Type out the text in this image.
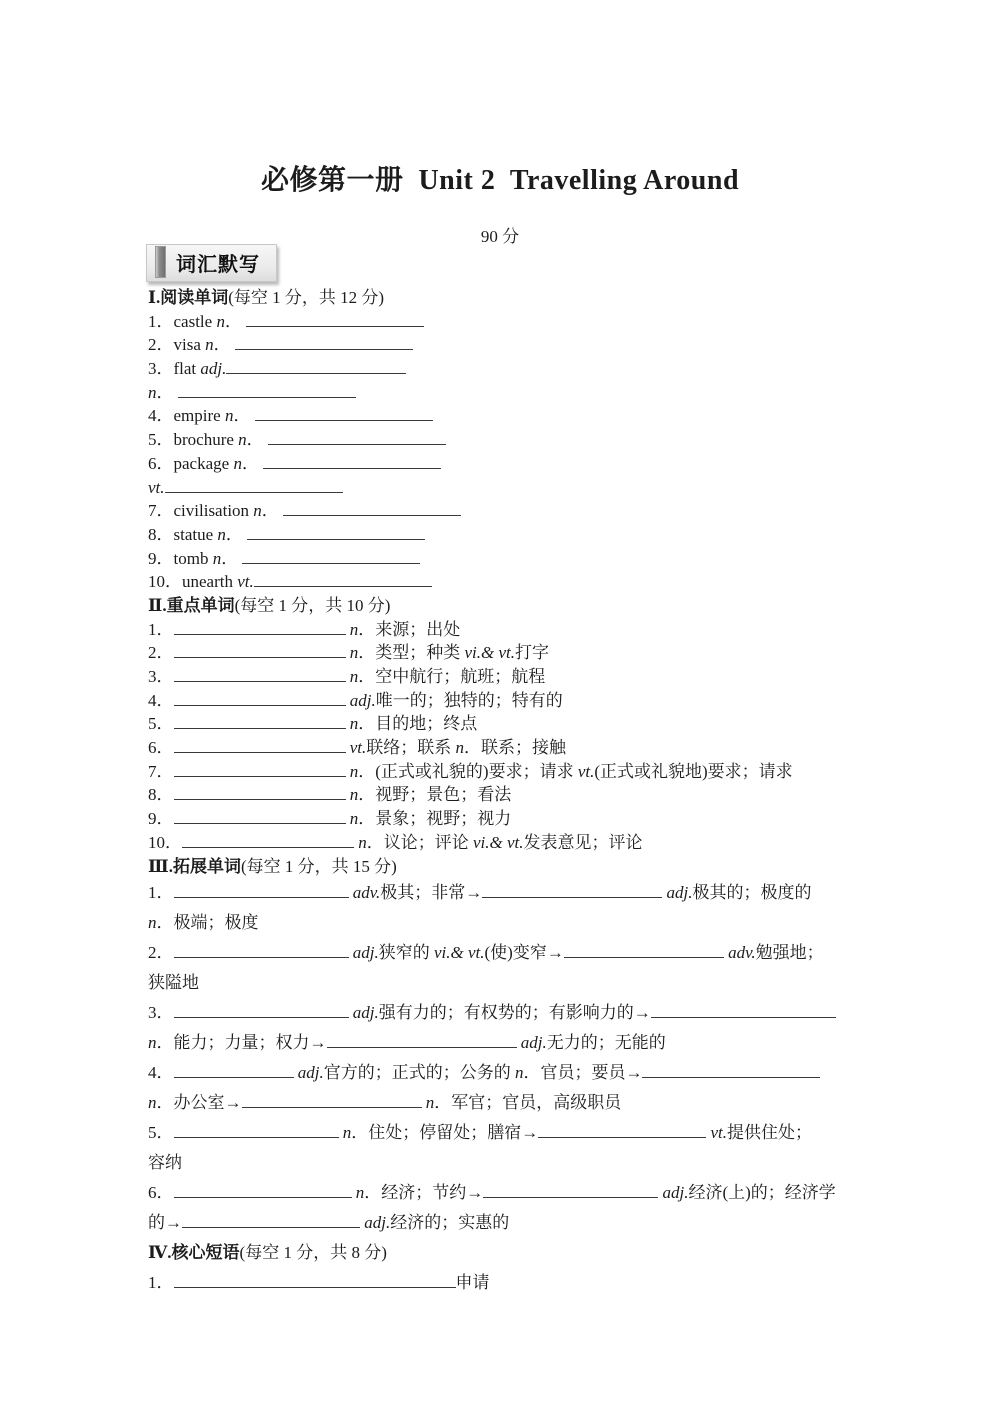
必修第一册  Unit 2  Travelling Around
90 分
词汇默写
Ⅰ.阅读单词(每空 1 分，共 12 分)
1．castle n．
2．visa n．
3．flat adj.
n．
4．empire n．
5．brochure n．
6．package n．
vt.
7．civilisation n．
8．statue n．
9．tomb n．
10．unearth vt.
Ⅱ.重点单词(每空 1 分，共 10 分)
1．	n．来源；出处
2．	n．类型；种类 vi.& vt.打字
3．	n．空中航行；航班；航程
4．	adj.唯一的；独特的；特有的
5．	n．目的地；终点
6．	vt.联络；联系 n．联系；接触
7．	n．(正式或礼貌的)要求；请求 vt.(正式或礼貌地)要求；请求
8．	n．视野；景色；看法
9．	n．景象；视野；视力
10．	n．议论；评论 vi.& vt.发表意见；评论
Ⅲ.拓展单词(每空 1 分，共 15 分)
1．	adv.极其；非常→	adj.极其的；极度的
n．极端；极度
2．	adj.狭窄的 vi.& vt.(使)变窄→	adv.勉强地；
狭隘地
3．	adj.强有力的；有权势的；有影响力的→
n．能力；力量；权力→	adj.无力的；无能的
4．	adj.官方的；正式的；公务的 n．官员；要员→
n．办公室→	n．军官；官员，高级职员
5．	n．住处；停留处；膳宿→	vt.提供住处；
容纳
6．	n．经济；节约→	adj.经济(上)的；经济学
的→	adj.经济的；实惠的
Ⅳ.核心短语(每空 1 分，共 8 分)
1．	申请
